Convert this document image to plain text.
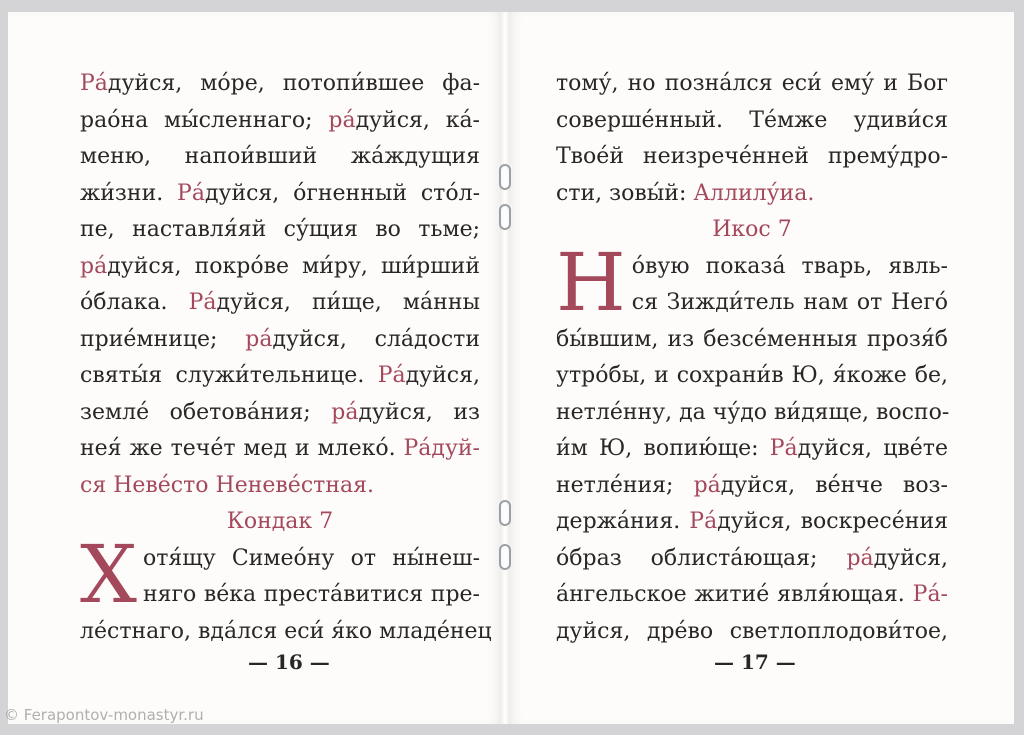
Ра́дуйся, мо́ре, потопи́вшее фа-
рао́на мы́сленнаго; ра́дуйся, ка́-
меню, напои́вший жа́ждущия
жи́зни. Ра́дуйся, о́гненный сто́л-
пе, наставля́яй су́щия во тьме;
ра́дуйся, покро́ве ми́ру, ши́рший
о́блака. Ра́дуйся, пи́ще, ма́нны
прие́мнице; ра́дуйся, сла́дости
святы́я служи́тельнице. Ра́дуйся,
земле́ обетова́ния; ра́дуйся, из
нея́ же тече́т мед и млеко́. Ра́дуй-
ся Неве́сто Неневе́стная.
Кондак 7
Х отя́щу Симео́ну от ны́неш-
няго ве́ка преста́витися пре-
ле́стнаго, вда́лся еси́ я́ко младе́нец
— 16 —
тому́, но позна́лся еси́ ему́ и Бог
соверше́нный. Те́мже удиви́ся
Твое́й неизрече́нней прему́дро-
сти, зовы́й: Аллилу́иа.
Икос 7
Н о́вую показа́ тварь, явль-
ся Зижди́тель нам от Него́
бы́вшим, из безсе́менныя прозя́б
утро́бы, и сохрани́в Ю, я́коже бе,
нетле́нну, да чу́до ви́дяще, воспо-
и́м Ю, вопию́ще: Ра́дуйся, цве́те
нетле́ния; ра́дуйся, ве́нче воз-
держа́ния. Ра́дуйся, воскресе́ния
о́браз облиста́ющая; ра́дуйся,
а́нгельское житие́ явля́ющая. Ра́-
дуйся, дре́во светлоплодови́тое,
— 17 —
© Ferapontov-monastyr.ru
